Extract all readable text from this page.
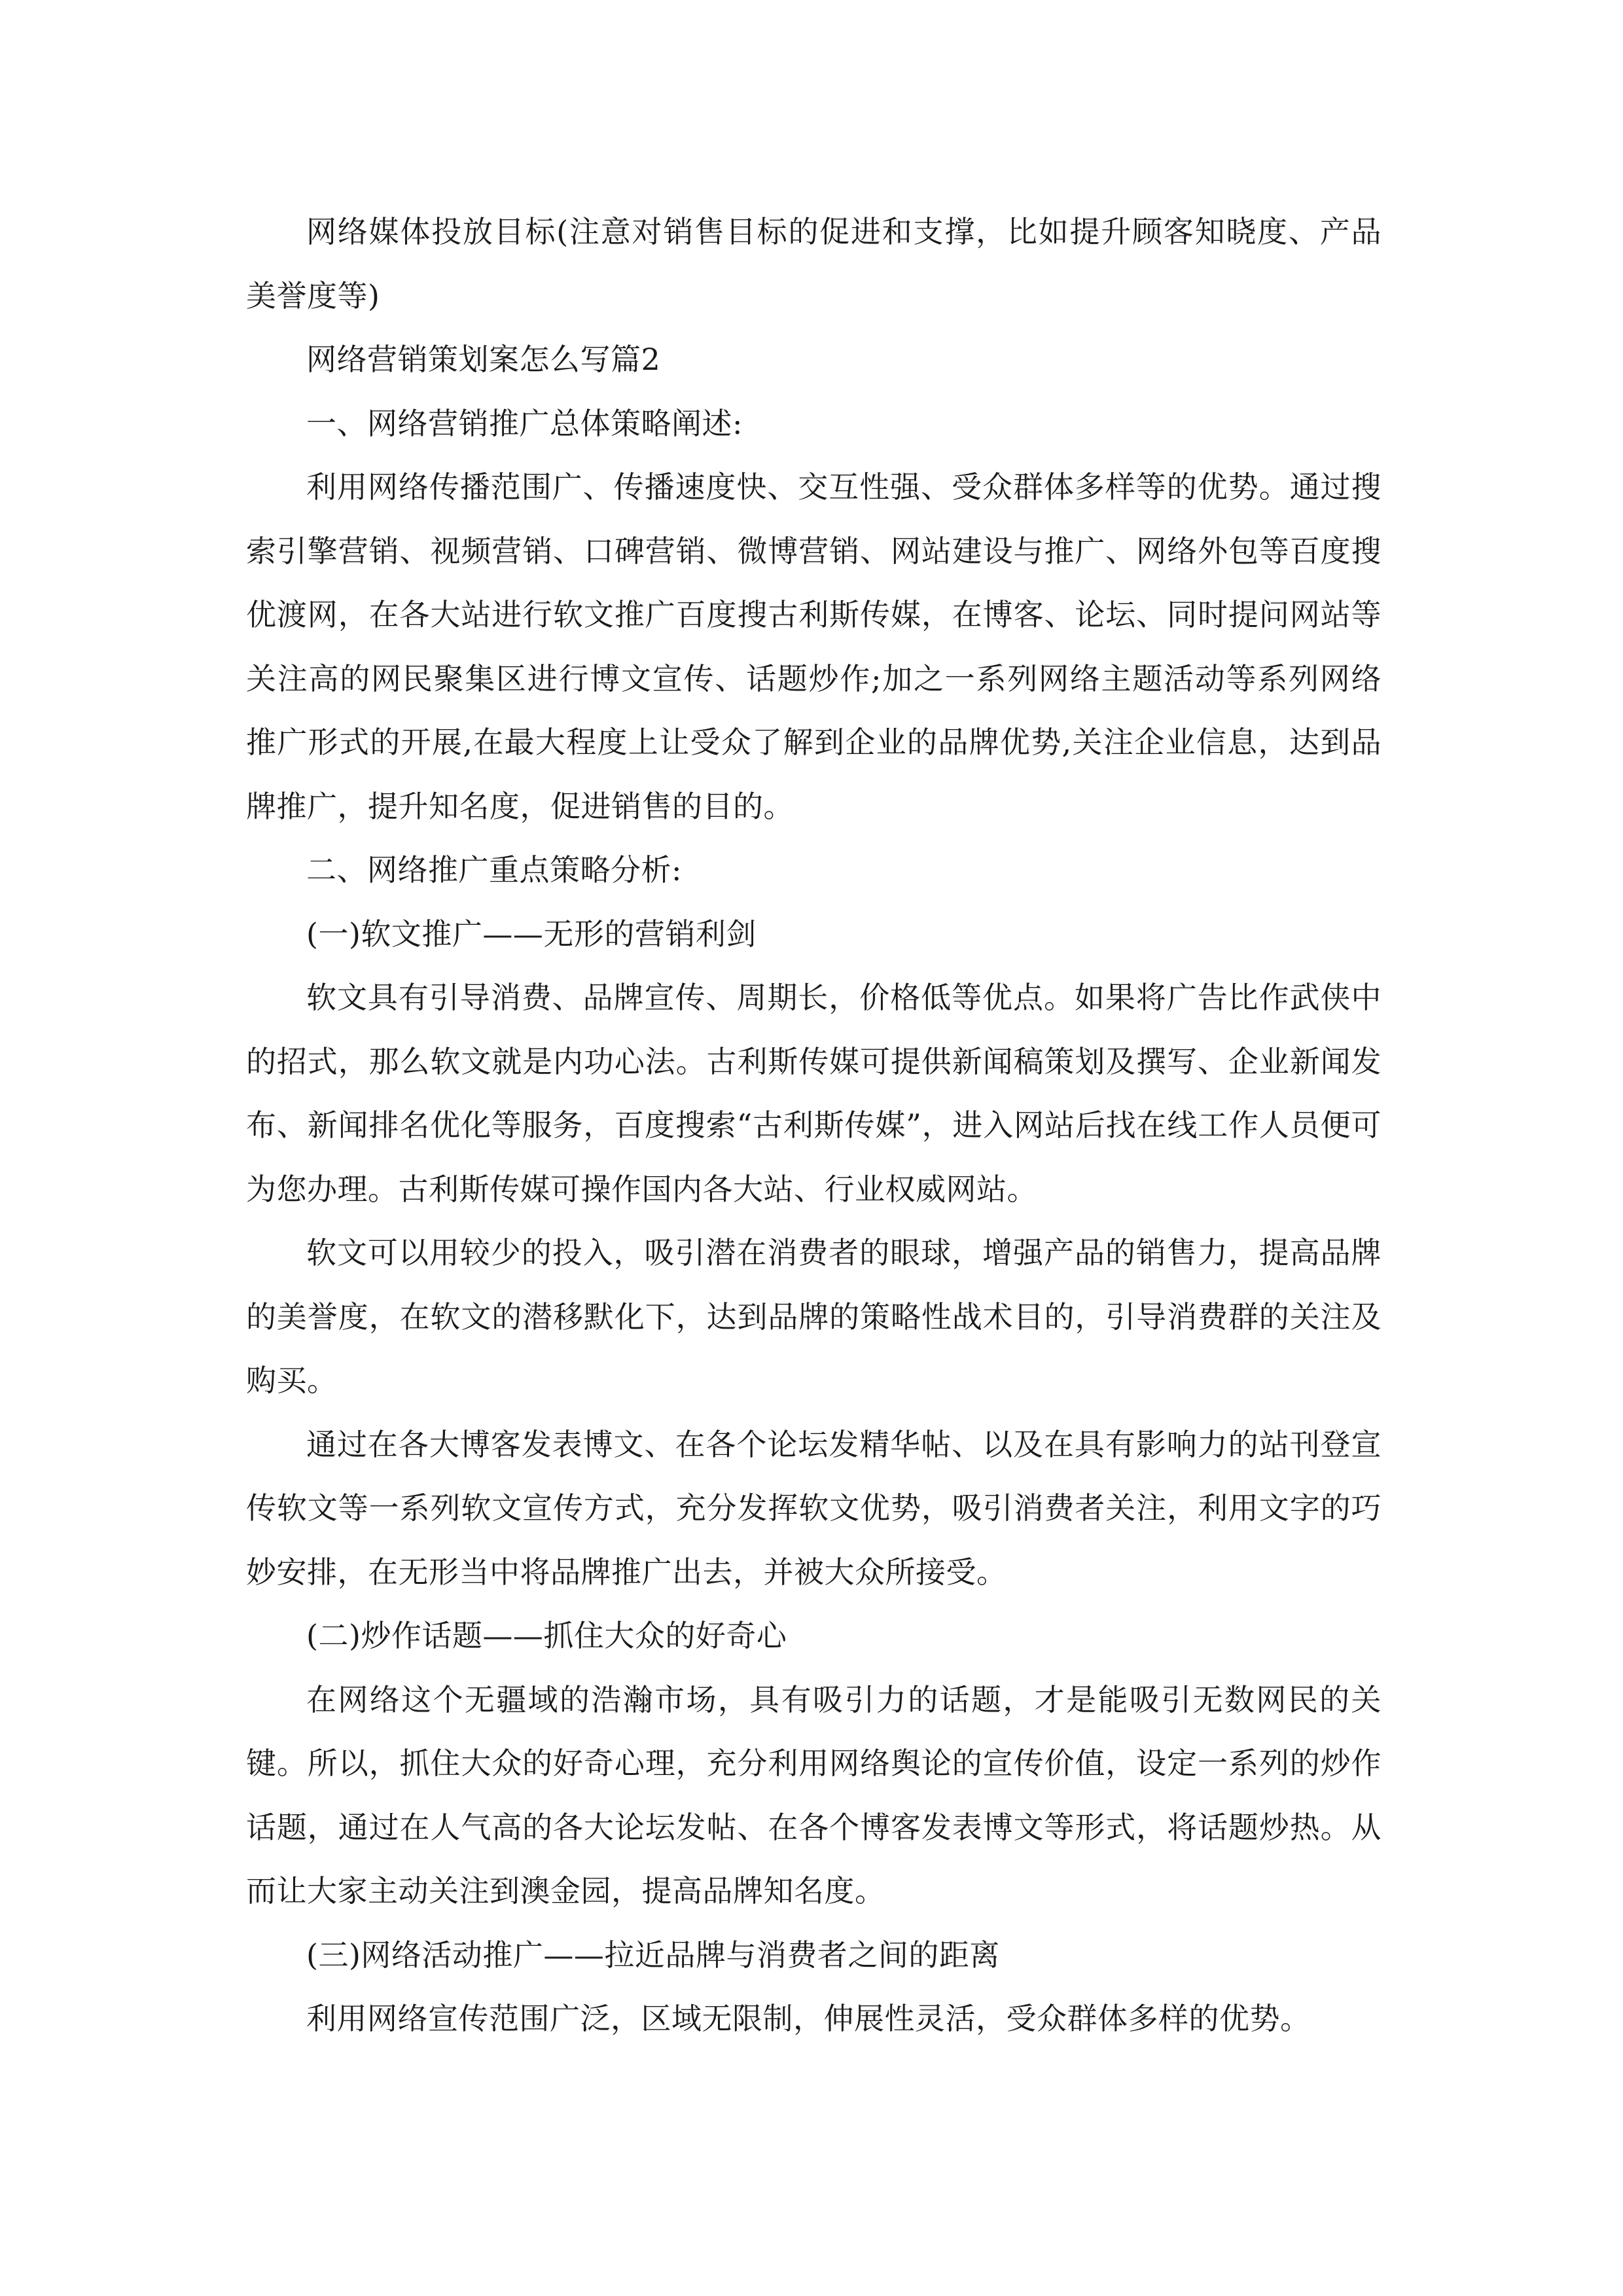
网络媒体投放目标(注意对销售目标的促进和支撑，比如提升顾客知晓度、产品美誉度等)

网络营销策划案怎么写篇2

一、网络营销推广总体策略阐述:

利用网络传播范围广、传播速度快、交互性强、受众群体多样等的优势。通过搜索引擎营销、视频营销、口碑营销、微博营销、网站建设与推广、网络外包等百度搜优渡网，在各大站进行软文推广百度搜古利斯传媒，在博客、论坛、同时提问网站等关注高的网民聚集区进行博文宣传、话题炒作;加之一系列网络主题活动等系列网络推广形式的开展,在最大程度上让受众了解到企业的品牌优势,关注企业信息，达到品牌推广，提升知名度，促进销售的目的。

二、网络推广重点策略分析:

(一)软文推广——无形的营销利剑

软文具有引导消费、品牌宣传、周期长，价格低等优点。如果将广告比作武侠中的招式，那么软文就是内功心法。古利斯传媒可提供新闻稿策划及撰写、企业新闻发布、新闻排名优化等服务，百度搜索“古利斯传媒”，进入网站后找在线工作人员便可为您办理。古利斯传媒可操作国内各大站、行业权威网站。

软文可以用较少的投入，吸引潜在消费者的眼球，增强产品的销售力，提高品牌的美誉度，在软文的潜移默化下，达到品牌的策略性战术目的，引导消费群的关注及购买。

通过在各大博客发表博文、在各个论坛发精华帖、以及在具有影响力的站刊登宣传软文等一系列软文宣传方式，充分发挥软文优势，吸引消费者关注，利用文字的巧妙安排，在无形当中将品牌推广出去，并被大众所接受。

(二)炒作话题——抓住大众的好奇心

在网络这个无疆域的浩瀚市场，具有吸引力的话题，才是能吸引无数网民的关键。所以，抓住大众的好奇心理，充分利用网络舆论的宣传价值，设定一系列的炒作话题，通过在人气高的各大论坛发帖、在各个博客发表博文等形式，将话题炒热。从而让大家主动关注到澳金园，提高品牌知名度。

(三)网络活动推广——拉近品牌与消费者之间的距离

利用网络宣传范围广泛，区域无限制，伸展性灵活，受众群体多样的优势。
